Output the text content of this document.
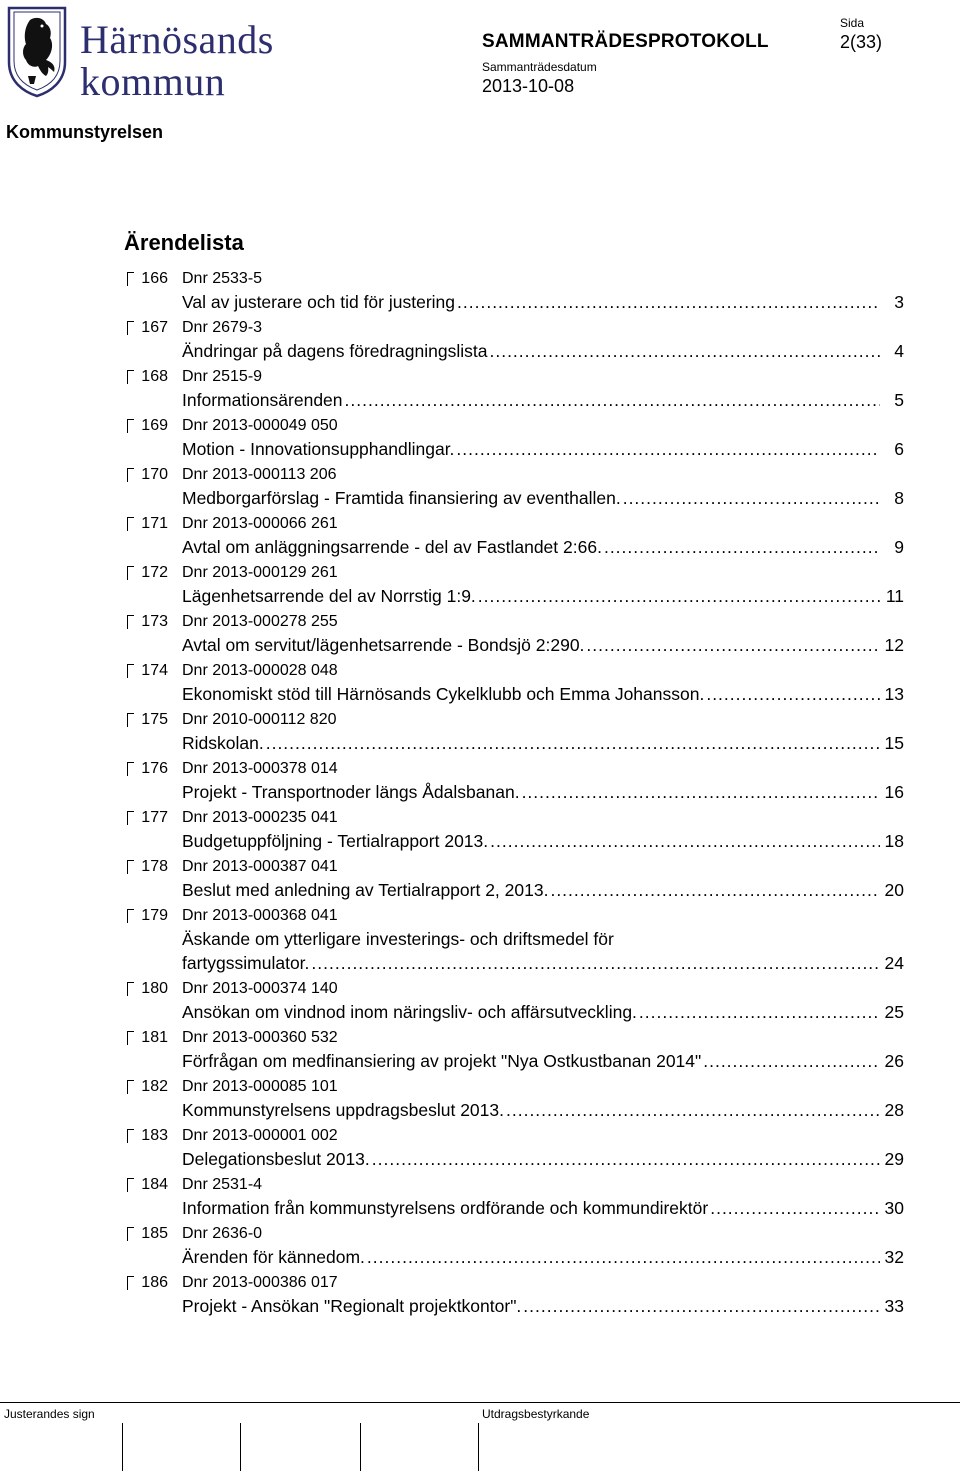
Härnösands
kommun
SAMMANTRÄDESPROTOKOLL
Sammanträdesdatum
2013-10-08
Sida
2(33)
Kommunstyrelsen
Ärendelista
166 Dnr 2533-5
Val av justerare och tid för justering .....	3
167 Dnr 2679-3
Ändringar på dagens föredragningslista .....	4
168 Dnr 2515-9
Informationsärenden .....	5
169 Dnr 2013-000049 050
Motion - Innovationsupphandlingar. .....	6
170 Dnr 2013-000113 206
Medborgarförslag - Framtida finansiering av eventhallen. .....	8
171 Dnr 2013-000066 261
Avtal om anläggningsarrende - del av Fastlandet 2:66. .....	9
172 Dnr 2013-000129 261
Lägenhetsarrende del av Norrstig 1:9. .....	11
173 Dnr 2013-000278 255
Avtal om servitut/lägenhetsarrende - Bondsjö 2:290. .....	12
174 Dnr 2013-000028 048
Ekonomiskt stöd till Härnösands Cykelklubb och Emma Johansson. .....	13
175 Dnr 2010-000112 820
Ridskolan. .....	15
176 Dnr 2013-000378 014
Projekt - Transportnoder längs Ådalsbanan. .....	16
177 Dnr 2013-000235 041
Budgetuppföljning - Tertialrapport 2013. .....	18
178 Dnr 2013-000387 041
Beslut med anledning av Tertialrapport 2, 2013. .....	20
179 Dnr 2013-000368 041
Äskande om ytterligare investerings- och driftsmedel för
fartygssimulator. .....	24
180 Dnr 2013-000374 140
Ansökan om vindnod inom näringsliv- och affärsutveckling. .....	25
181 Dnr 2013-000360 532
Förfrågan om medfinansiering av projekt "Nya Ostkustbanan 2014" .....	26
182 Dnr 2013-000085 101
Kommunstyrelsens uppdragsbeslut 2013. .....	28
183 Dnr 2013-000001 002
Delegationsbeslut 2013. .....	29
184 Dnr 2531-4
Information från kommunstyrelsens ordförande och kommundirektör .....	30
185 Dnr 2636-0
Ärenden för kännedom. .....	32
186 Dnr 2013-000386 017
Projekt - Ansökan "Regionalt projektkontor". .....	33
Justerandes sign	Utdragsbestyrkande
